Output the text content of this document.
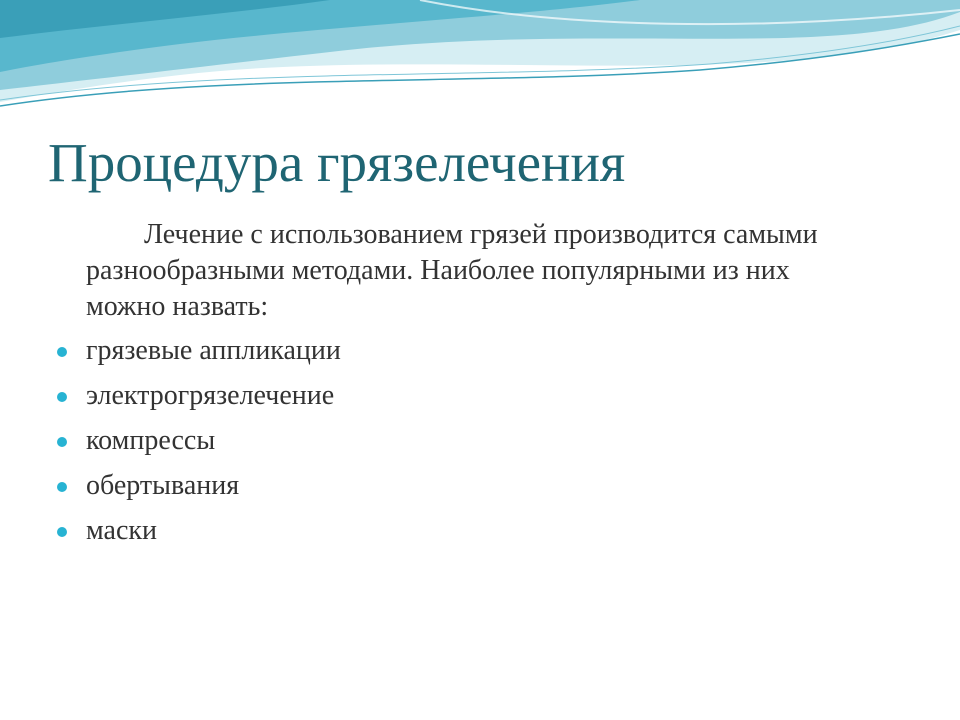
Процедура грязелечения

Лечение с использованием грязей производится самыми разнообразными методами. Наиболее популярными из них можно назвать:

грязевые аппликации
электрогрязелечение
компрессы
обертывания
маски
